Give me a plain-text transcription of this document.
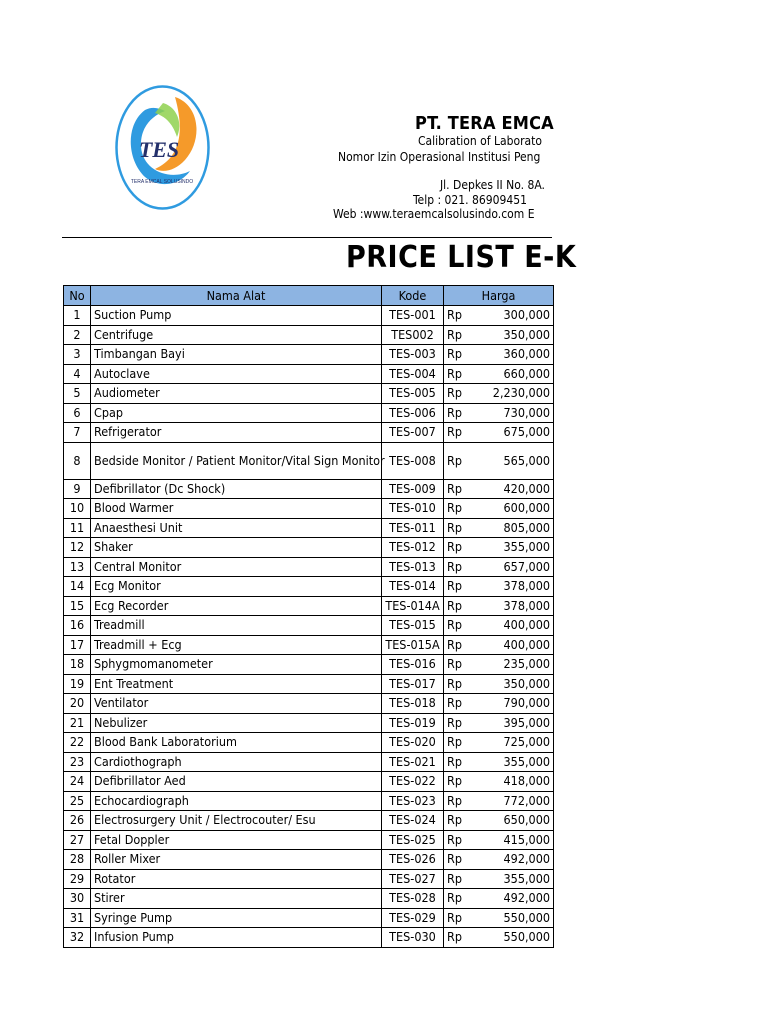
TES
TERA EMCAL SOLUSINDO
PT. TERA EMCA
Calibration of Laborato
Nomor Izin Operasional Institusi Peng
Jl. Depkes II No. 8A.
Telp : 021. 86909451
Web :www.teraemcalsolusindo.com E
PRICE LIST E-K
No	Nama Alat	Kode	Harga	
1	Suction Pump	TES-001	Rp	300,000
2	Centrifuge	TES002	Rp	350,000
3	Timbangan Bayi	TES-003	Rp	360,000
4	Autoclave	TES-004	Rp	660,000
5	Audiometer	TES-005	Rp	2,230,000
6	Cpap	TES-006	Rp	730,000
7	Refrigerator	TES-007	Rp	675,000
8	Bedside Monitor / Patient Monitor/Vital Sign Monitor	TES-008	Rp	565,000
9	Defibrillator (Dc Shock)	TES-009	Rp	420,000
10	Blood Warmer	TES-010	Rp	600,000
11	Anaesthesi Unit	TES-011	Rp	805,000
12	Shaker	TES-012	Rp	355,000
13	Central Monitor	TES-013	Rp	657,000
14	Ecg Monitor	TES-014	Rp	378,000
15	Ecg Recorder	TES-014A	Rp	378,000
16	Treadmill	TES-015	Rp	400,000
17	Treadmill + Ecg	TES-015A	Rp	400,000
18	Sphygmomanometer	TES-016	Rp	235,000
19	Ent Treatment	TES-017	Rp	350,000
20	Ventilator	TES-018	Rp	790,000
21	Nebulizer	TES-019	Rp	395,000
22	Blood Bank Laboratorium	TES-020	Rp	725,000
23	Cardiothograph	TES-021	Rp	355,000
24	Defibrillator Aed	TES-022	Rp	418,000
25	Echocardiograph	TES-023	Rp	772,000
26	Electrosurgery Unit / Electrocouter/ Esu	TES-024	Rp	650,000
27	Fetal Doppler	TES-025	Rp	415,000
28	Roller Mixer	TES-026	Rp	492,000
29	Rotator	TES-027	Rp	355,000
30	Stirer	TES-028	Rp	492,000
31	Syringe Pump	TES-029	Rp	550,000
32	Infusion Pump	TES-030	Rp	550,000
